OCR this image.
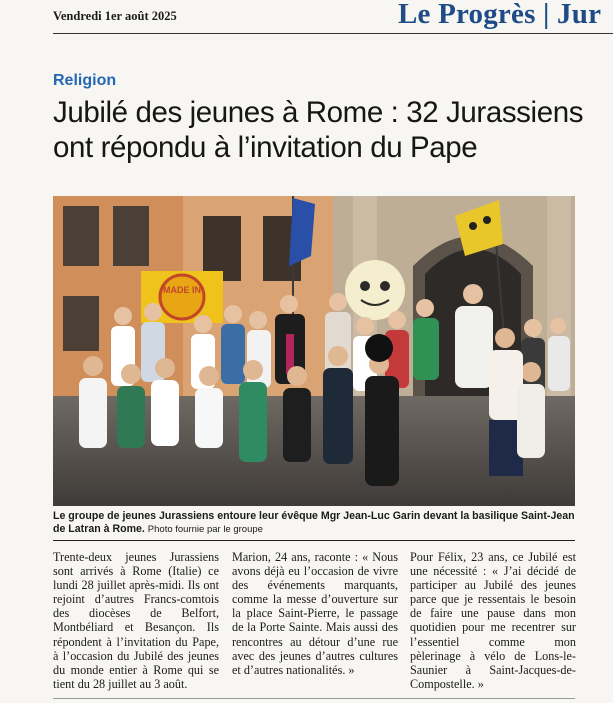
Vendredi 1er août 2025	Le Progrès | Jur
Religion
Jubilé des jeunes à Rome : 32 Jurassiens
ont répondu à l’invitation du Pape
MADE IN
Le groupe de jeunes Jurassiens entoure leur évêque Mgr Jean-Luc Garin devant la basilique Saint-Jean de Latran à Rome. Photo fournie par le groupe
Trente-deux jeunes Jurassiens sont arrivés à Rome (Italie) ce lundi 28 juillet après-midi. Ils ont rejoint d’autres Francs-comtois des diocèses de Belfort, Montbéliard et Besançon. Ils répondent à l’invitation du Pape, à l’occasion du Jubilé des jeunes du monde entier à Rome qui se tient du 28 juillet au 3 août.
Marion, 24 ans, raconte : « Nous avons déjà eu l’occasion de vivre des événements marquants, comme la messe d’ouverture sur la place Saint-Pierre, le passage de la Porte Sainte. Mais aussi des rencontres au détour d’une rue avec des jeunes d’autres cultures et d’autres nationalités. »
Pour Félix, 23 ans, ce Jubilé est une nécessité : « J’ai décidé de participer au Jubilé des jeunes parce que je ressentais le besoin de faire une pause dans mon quotidien pour me recentrer sur l’essentiel comme mon pèlerinage à vélo de Lons-le-Saunier à Saint-Jacques-de-Compostelle. »
